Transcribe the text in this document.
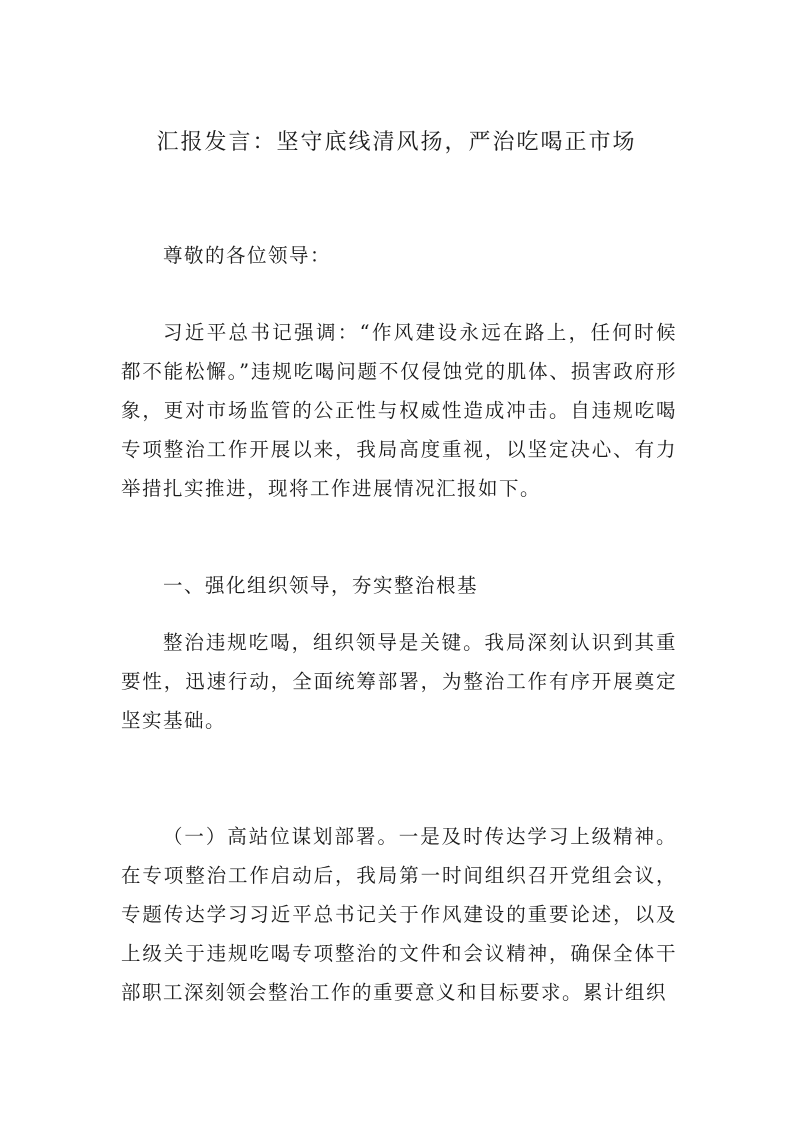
汇报发言：坚守底线清风扬，严治吃喝正市场

尊敬的各位领导：

习近平总书记强调：“作风建设永远在路上，任何时候都不能松懈。”违规吃喝问题不仅侵蚀党的肌体、损害政府形象，更对市场监管的公正性与权威性造成冲击。自违规吃喝专项整治工作开展以来，我局高度重视，以坚定决心、有力举措扎实推进，现将工作进展情况汇报如下。

一、强化组织领导，夯实整治根基

整治违规吃喝，组织领导是关键。我局深刻认识到其重要性，迅速行动，全面统筹部署，为整治工作有序开展奠定坚实基础。

（一）高站位谋划部署。一是及时传达学习上级精神。在专项整治工作启动后，我局第一时间组织召开党组会议，专题传达学习习近平总书记关于作风建设的重要论述，以及上级关于违规吃喝专项整治的文件和会议精神，确保全体干部职工深刻领会整治工作的重要意义和目标要求。累计组织
